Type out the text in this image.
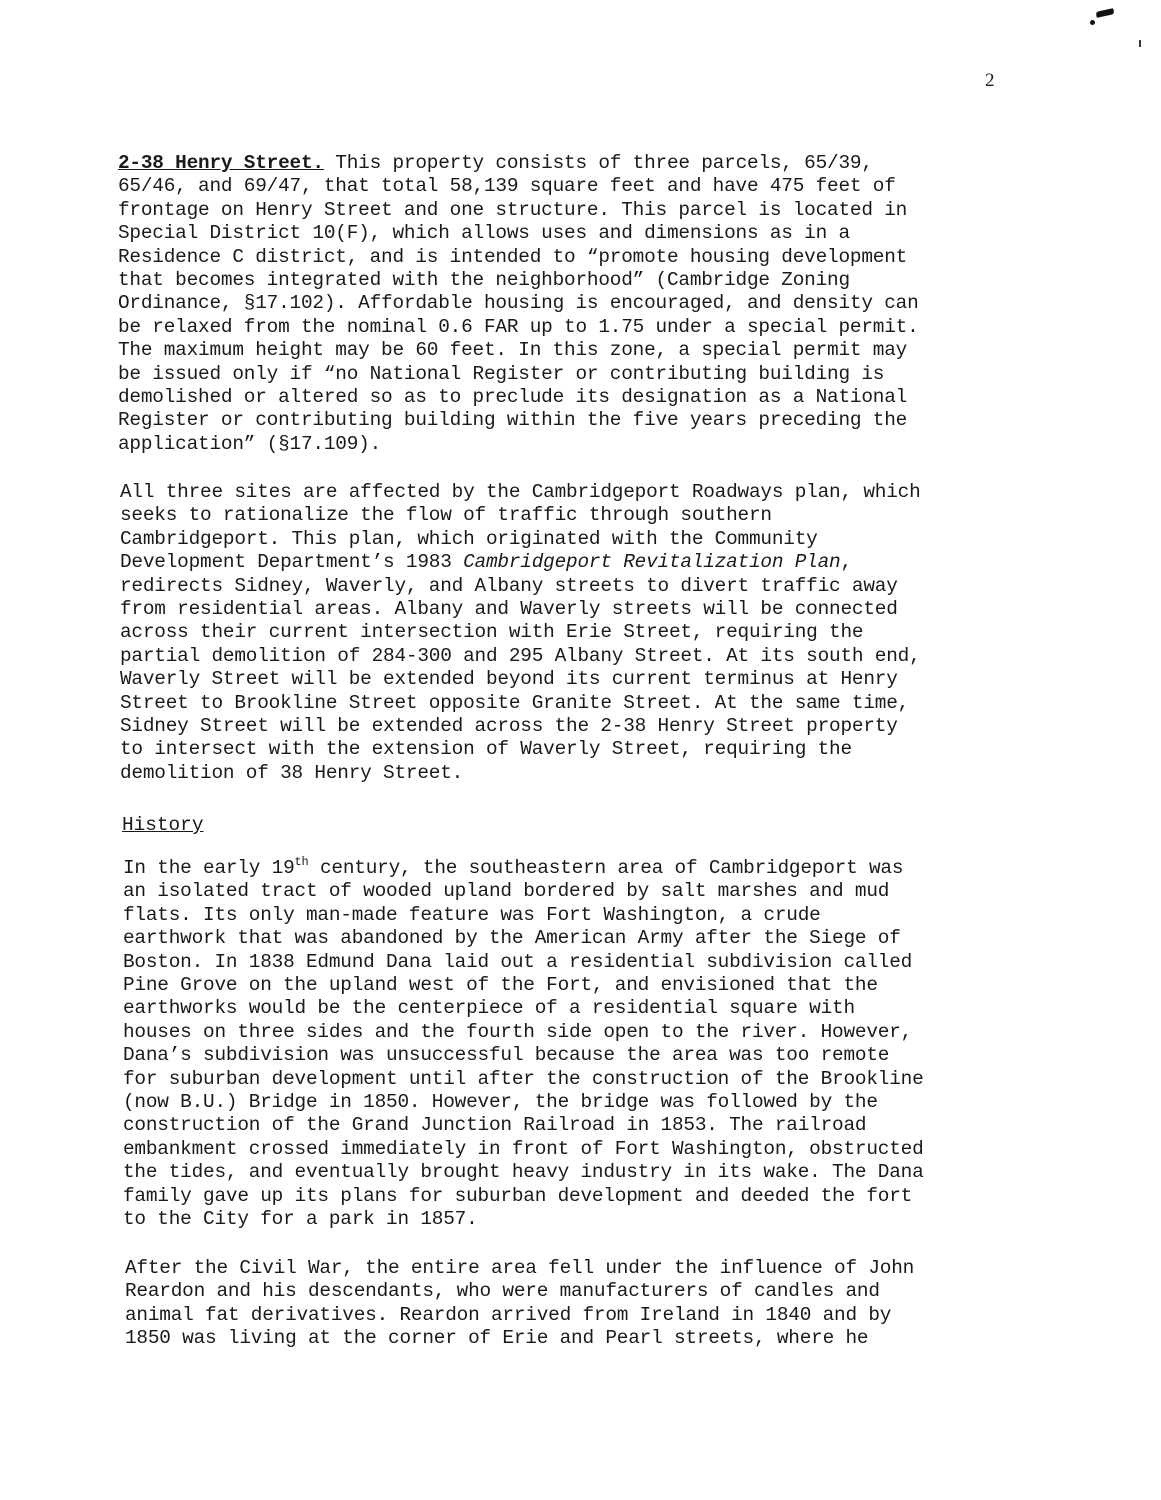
2
2-38 Henry Street. This property consists of three parcels, 65/39,
65/46, and 69/47, that total 58,139 square feet and have 475 feet of
frontage on Henry Street and one structure. This parcel is located in
Special District 10(F), which allows uses and dimensions as in a
Residence C district, and is intended to “promote housing development
that becomes integrated with the neighborhood” (Cambridge Zoning
Ordinance, §17.102). Affordable housing is encouraged, and density can
be relaxed from the nominal 0.6 FAR up to 1.75 under a special permit.
The maximum height may be 60 feet. In this zone, a special permit may
be issued only if “no National Register or contributing building is
demolished or altered so as to preclude its designation as a National
Register or contributing building within the five years preceding the
application” (§17.109).
All three sites are affected by the Cambridgeport Roadways plan, which
seeks to rationalize the flow of traffic through southern
Cambridgeport. This plan, which originated with the Community
Development Department’s 1983 Cambridgeport Revitalization Plan,
redirects Sidney, Waverly, and Albany streets to divert traffic away
from residential areas. Albany and Waverly streets will be connected
across their current intersection with Erie Street, requiring the
partial demolition of 284-300 and 295 Albany Street. At its south end,
Waverly Street will be extended beyond its current terminus at Henry
Street to Brookline Street opposite Granite Street. At the same time,
Sidney Street will be extended across the 2-38 Henry Street property
to intersect with the extension of Waverly Street, requiring the
demolition of 38 Henry Street.
History
In the early 19th century, the southeastern area of Cambridgeport was
an isolated tract of wooded upland bordered by salt marshes and mud
flats. Its only man-made feature was Fort Washington, a crude
earthwork that was abandoned by the American Army after the Siege of
Boston. In 1838 Edmund Dana laid out a residential subdivision called
Pine Grove on the upland west of the Fort, and envisioned that the
earthworks would be the centerpiece of a residential square with
houses on three sides and the fourth side open to the river. However,
Dana’s subdivision was unsuccessful because the area was too remote
for suburban development until after the construction of the Brookline
(now B.U.) Bridge in 1850. However, the bridge was followed by the
construction of the Grand Junction Railroad in 1853. The railroad
embankment crossed immediately in front of Fort Washington, obstructed
the tides, and eventually brought heavy industry in its wake. The Dana
family gave up its plans for suburban development and deeded the fort
to the City for a park in 1857.
After the Civil War, the entire area fell under the influence of John
Reardon and his descendants, who were manufacturers of candles and
animal fat derivatives. Reardon arrived from Ireland in 1840 and by
1850 was living at the corner of Erie and Pearl streets, where he
